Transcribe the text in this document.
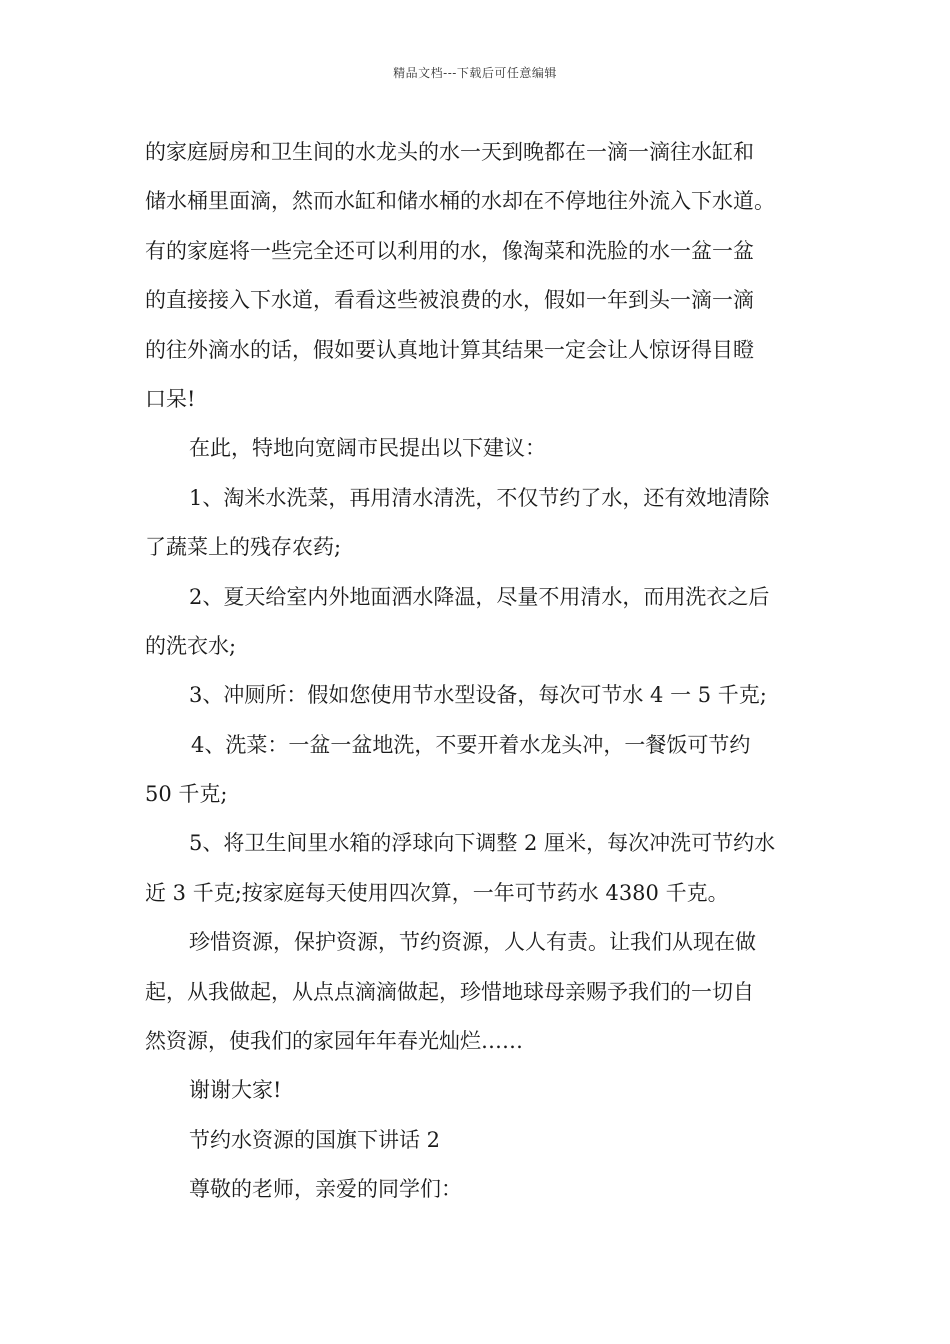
精品文档---下载后可任意编辑
的家庭厨房和卫生间的水龙头的水一天到晚都在一滴一滴往水缸和
储水桶里面滴，然而水缸和储水桶的水却在不停地往外流入下水道。
有的家庭将一些完全还可以利用的水，像淘菜和洗脸的水一盆一盆
的直接接入下水道，看看这些被浪费的水，假如一年到头一滴一滴
的往外滴水的话，假如要认真地计算其结果一定会让人惊讶得目瞪
口呆!
在此，特地向宽阔市民提出以下建议：
1、淘米水洗菜，再用清水清洗，不仅节约了水，还有效地清除
了蔬菜上的残存农药;
2、夏天给室内外地面洒水降温，尽量不用清水，而用洗衣之后
的洗衣水;
3、冲厕所：假如您使用节水型设备，每次可节水 4 一 5 千克;
4、洗菜：一盆一盆地洗，不要开着水龙头冲，一餐饭可节约
50 千克;
5、将卫生间里水箱的浮球向下调整 2 厘米，每次冲洗可节约水
近 3 千克;按家庭每天使用四次算，一年可节药水 4380 千克。
珍惜资源，保护资源，节约资源，人人有责。让我们从现在做
起，从我做起，从点点滴滴做起，珍惜地球母亲赐予我们的一切自
然资源，使我们的家园年年春光灿烂……
谢谢大家!
节约水资源的国旗下讲话 2
尊敬的老师，亲爱的同学们：
